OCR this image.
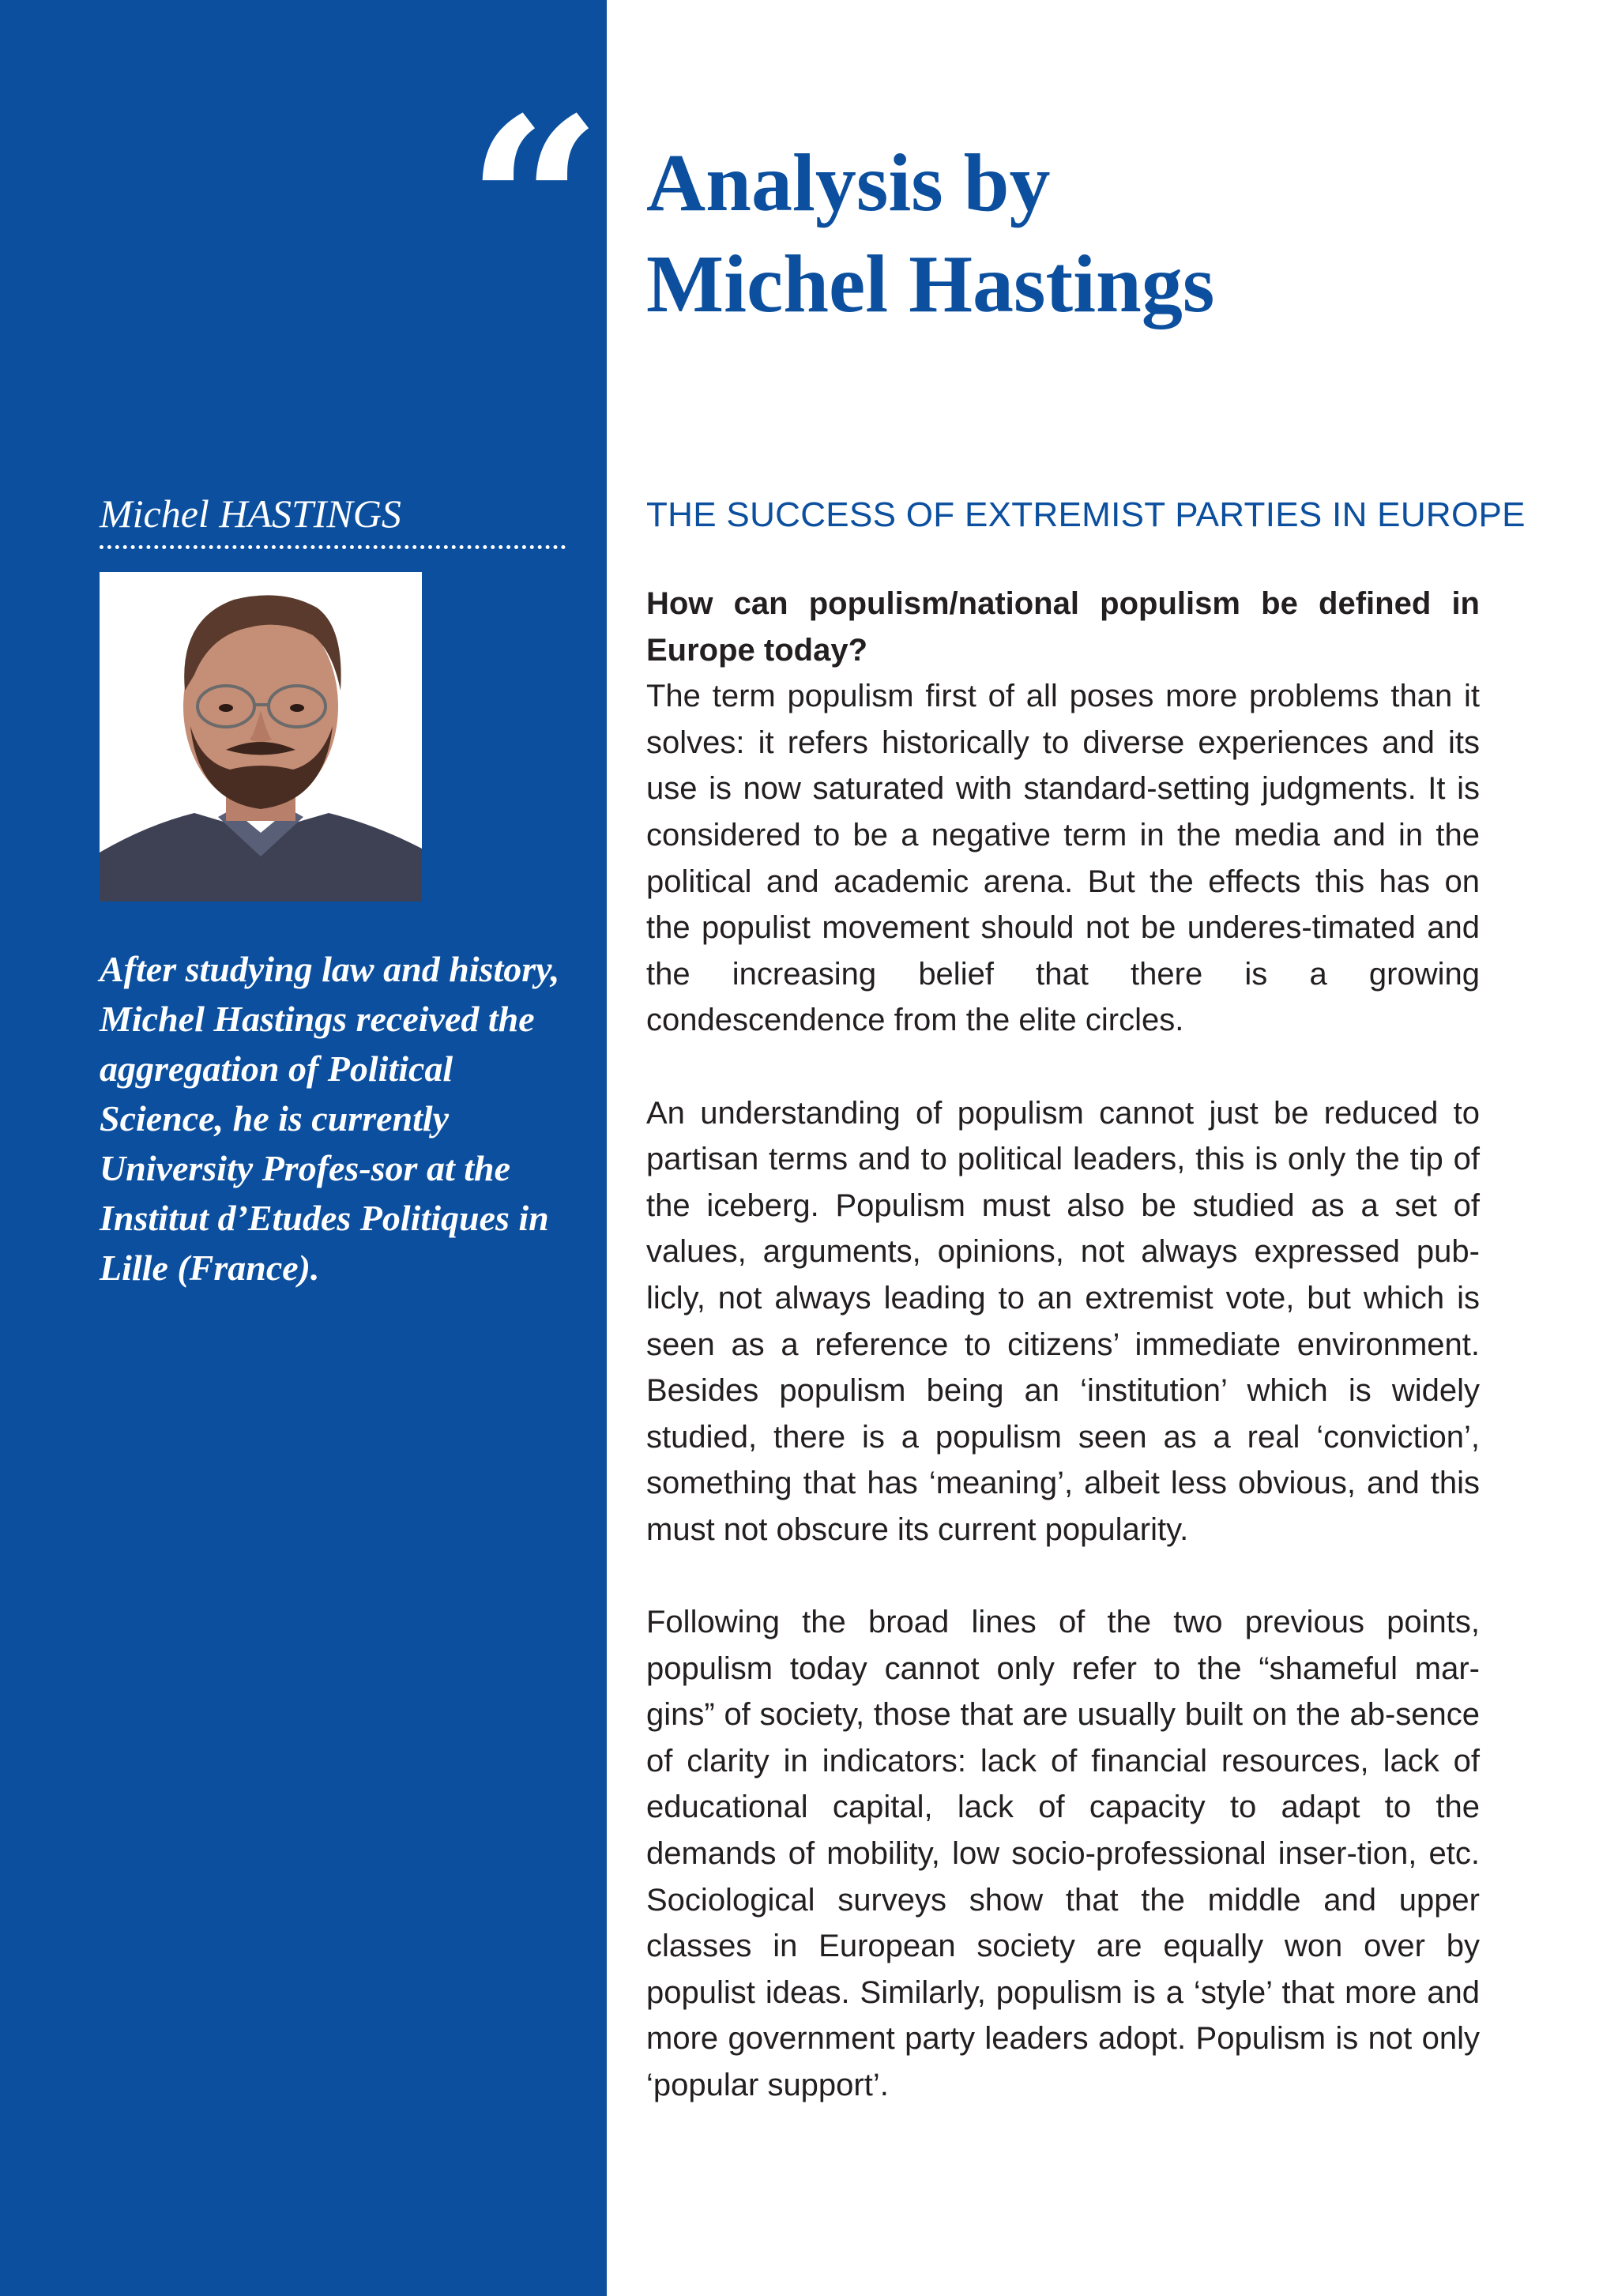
“ Analysis by
Michel Hastings
Michel HASTINGS

After studying law and history, Michel Hastings received the aggregation of Political Science, he is currently University Profes-sor at the Institut d’Etudes Politiques in Lille (France).

THE SUCCESS OF EXTREMIST PARTIES IN EUROPE

How can populism/national populism be defined in Europe today?
The term populism first of all poses more problems than it solves: it refers historically to diverse experiences and its use is now saturated with standard-setting judgments. It is considered to be a negative term in the media and in the political and academic arena. But the effects this has on the populist movement should not be underes-timated and the increasing belief that there is a growing condescendence from the elite circles.

An understanding of populism cannot just be reduced to partisan terms and to political leaders, this is only the tip of the iceberg. Populism must also be studied as a set of values, arguments, opinions, not always expressed pub-licly, not always leading to an extremist vote, but which is seen as a reference to citizens’ immediate environment. Besides populism being an ‘institution’ which is widely studied, there is a populism seen as a real ‘conviction’, something that has ‘meaning’, albeit less obvious, and this must not obscure its current popularity.

Following the broad lines of the two previous points, populism today cannot only refer to the “shameful mar-gins” of society, those that are usually built on the ab-sence of clarity in indicators: lack of financial resources, lack of educational capital, lack of capacity to adapt to the demands of mobility, low socio-professional inser-tion, etc. Sociological surveys show that the middle and upper classes in European society are equally won over by populist ideas. Similarly, populism is a ‘style’ that more and more government party leaders adopt. Populism is not only ‘popular support’.
